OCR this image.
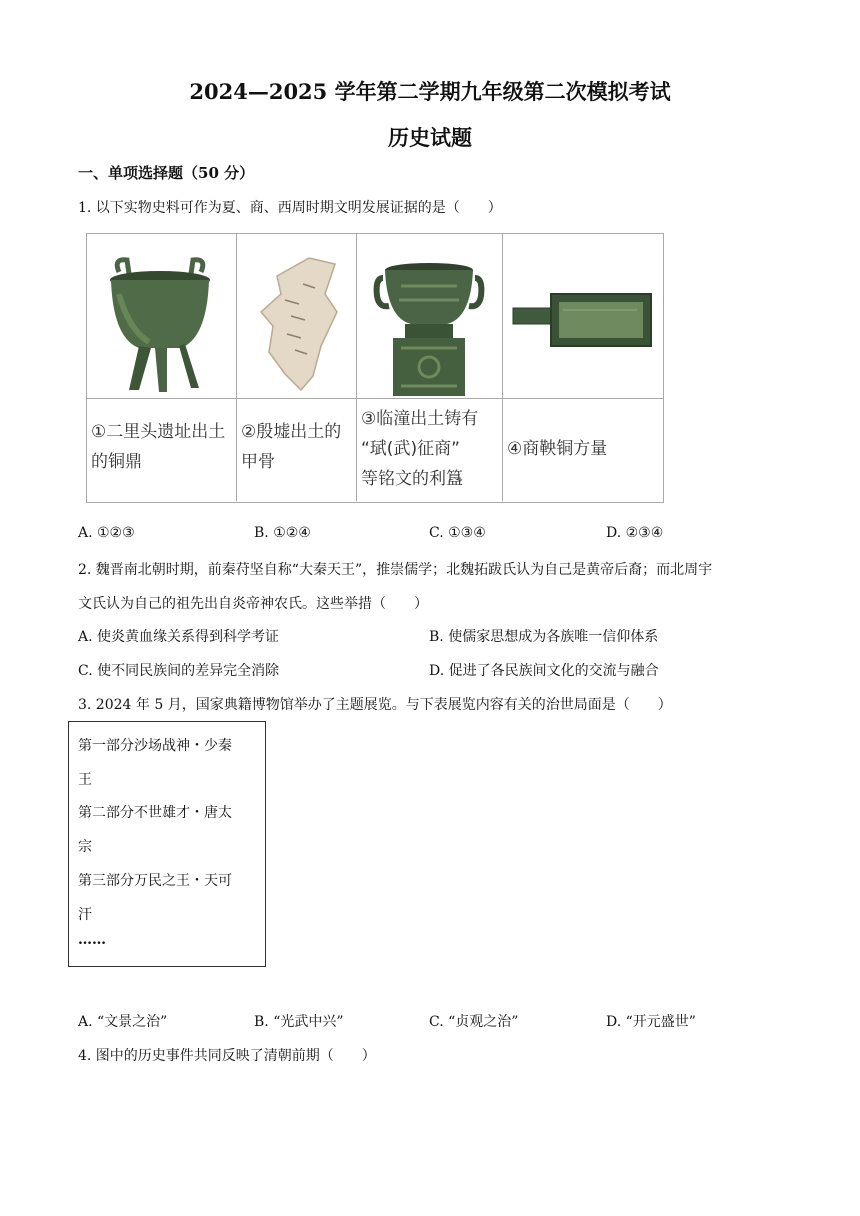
2024—2025 学年第二学期九年级第二次模拟考试
历史试题
一、单项选择题（50 分）
1. 以下实物史料可作为夏、商、西周时期文明发展证据的是（　　）
①二里头遗址出土
的铜鼎
②殷墟出土的
甲骨
③临潼出土铸有
“珷(武)征商”
等铭文的利簋
④商鞅铜方量
A. ①②③	B. ①②④	C. ①③④	D. ②③④
2. 魏晋南北朝时期，前秦苻坚自称“大秦天王”，推崇儒学；北魏拓跋氏认为自己是黄帝后裔；而北周宇
文氏认为自己的祖先出自炎帝神农氏。这些举措（　　）
A. 使炎黄血缘关系得到科学考证	B. 使儒家思想成为各族唯一信仰体系
C. 使不同民族间的差异完全消除	D. 促进了各民族间文化的交流与融合
3. 2024 年 5 月，国家典籍博物馆举办了主题展览。与下表展览内容有关的治世局面是（　　）
第一部分沙场战神・少秦
王
第二部分不世雄才・唐太
宗
第三部分万民之王・天可
汗
……
A. “文景之治”	B. “光武中兴”	C. “贞观之治”	D. “开元盛世”
4. 图中的历史事件共同反映了清朝前期（　　）
